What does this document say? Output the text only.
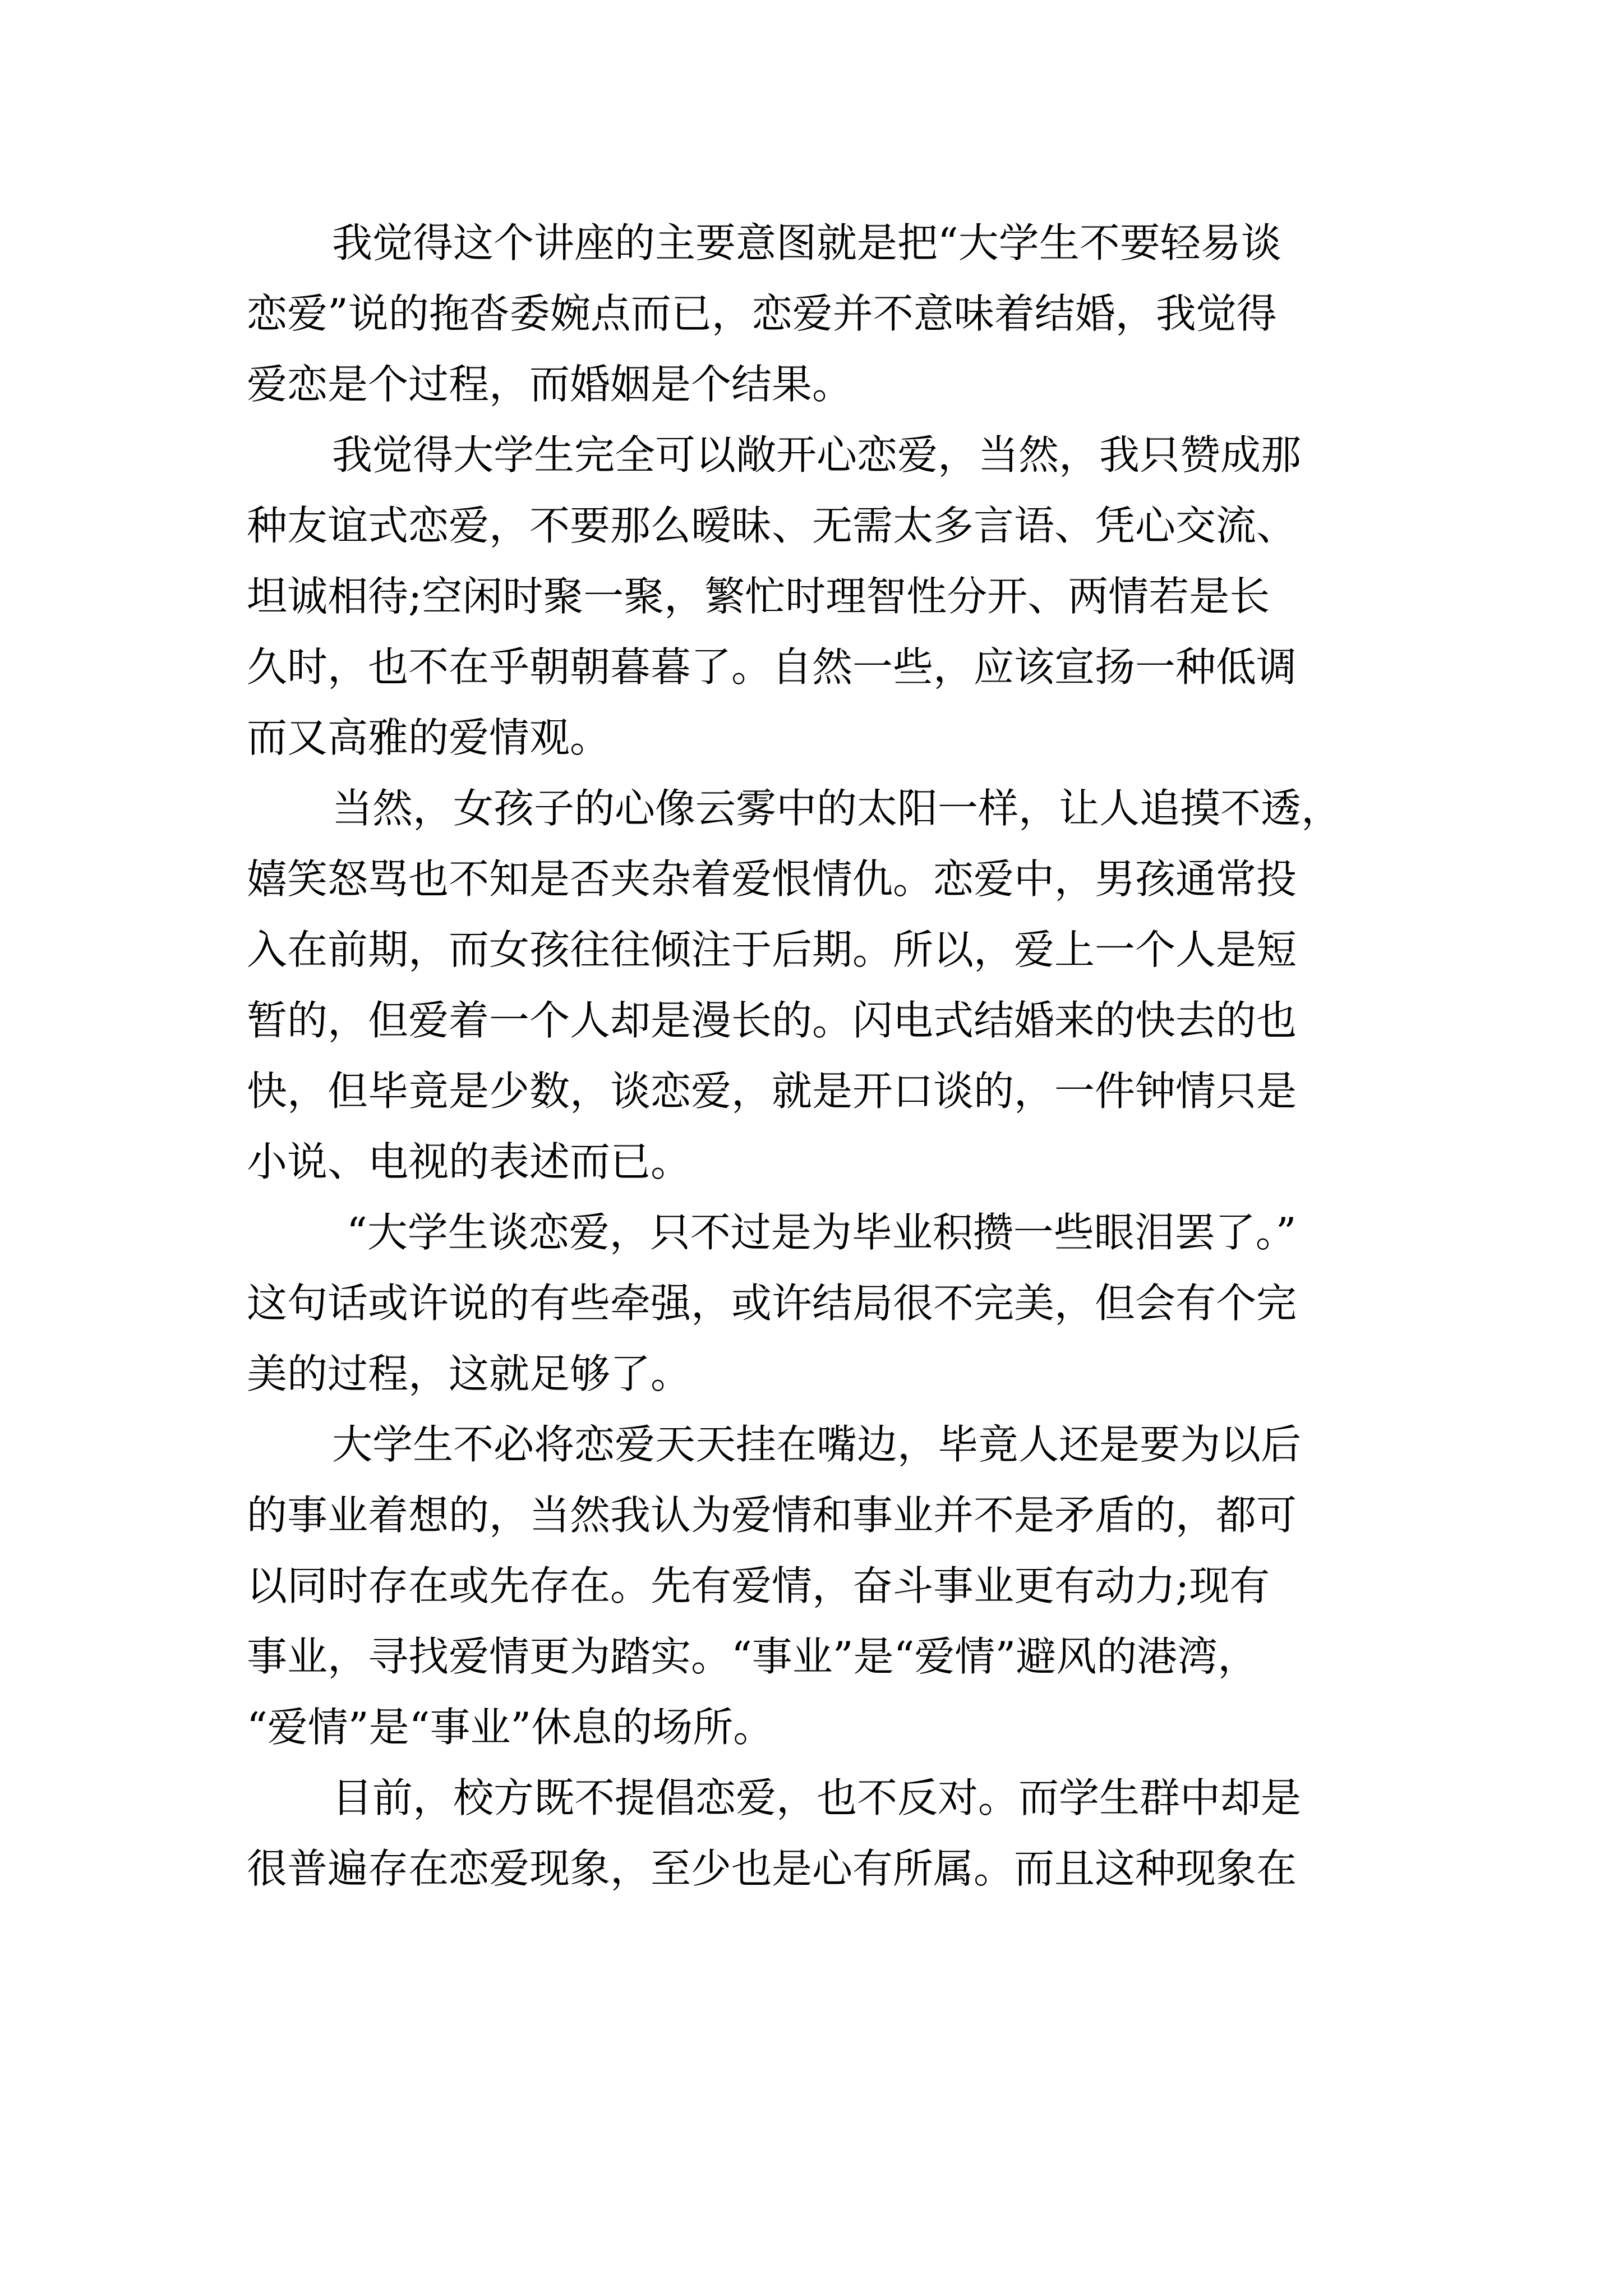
我觉得这个讲座的主要意图就是把“大学生不要轻易谈
恋爱”说的拖沓委婉点而已，恋爱并不意味着结婚，我觉得
爱恋是个过程，而婚姻是个结果。
我觉得大学生完全可以敞开心恋爱，当然，我只赞成那
种友谊式恋爱，不要那么暧昧、无需太多言语、凭心交流、
坦诚相待;空闲时聚一聚，繁忙时理智性分开、两情若是长
久时，也不在乎朝朝暮暮了。自然一些，应该宣扬一种低调
而又高雅的爱情观。
当然，女孩子的心像云雾中的太阳一样，让人追摸不透，
嬉笑怒骂也不知是否夹杂着爱恨情仇。恋爱中，男孩通常投
入在前期，而女孩往往倾注于后期。所以，爱上一个人是短
暂的，但爱着一个人却是漫长的。闪电式结婚来的快去的也
快，但毕竟是少数，谈恋爱，就是开口谈的，一件钟情只是
小说、电视的表述而已。
“大学生谈恋爱，只不过是为毕业积攒一些眼泪罢了。”
这句话或许说的有些牵强，或许结局很不完美，但会有个完
美的过程，这就足够了。
大学生不必将恋爱天天挂在嘴边，毕竟人还是要为以后
的事业着想的，当然我认为爱情和事业并不是矛盾的，都可
以同时存在或先存在。先有爱情，奋斗事业更有动力;现有
事业，寻找爱情更为踏实。“事业”是“爱情”避风的港湾，
“爱情”是“事业”休息的场所。
目前，校方既不提倡恋爱，也不反对。而学生群中却是
很普遍存在恋爱现象，至少也是心有所属。而且这种现象在
